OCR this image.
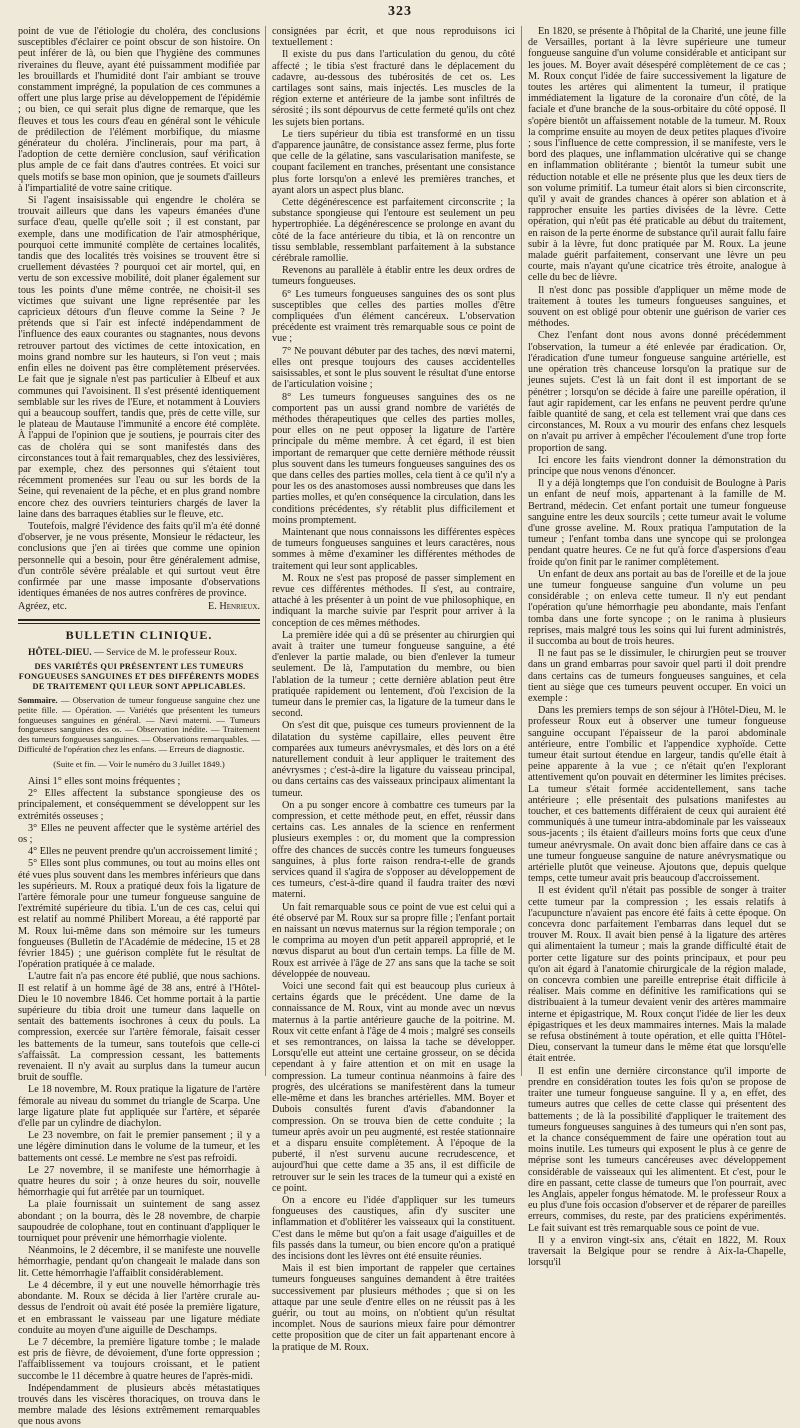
323

point de vue de l'étiologie du choléra, des conclusions susceptibles d'éclairer ce point obscur de son histoire. On peut inférer de là, ou bien que l'hygiène des communes riveraines du fleuve, ayant été puissamment modifiée par les brouillards et l'humidité dont l'air ambiant se trouve constamment imprégné, la population de ces communes a offert une plus large prise au développement de l'épidémie ; ou bien, ce qui serait plus digne de remarque, que les fleuves et tous les cours d'eau en général sont le véhicule de prédilection de l'élément morbifique, du miasme générateur du choléra. J'inclinerais, pour ma part, à l'adoption de cette dernière conclusion, sauf vérification plus ample de ce fait dans d'autres contrées. Et voici sur quels motifs se base mon opinion, que je soumets d'ailleurs à l'impartialité de votre saine critique.

Si l'agent insaisissable qui engendre le choléra se trouvait ailleurs que dans les vapeurs émanées d'une surface d'eau, quelle qu'elle soit ; il est constant, par exemple, dans une modification de l'air atmosphérique, pourquoi cette immunité complète de certaines localités, tandis que des localités très voisines se trouvent être si cruellement dévastées ? pourquoi cet air mortel, qui, en vertu de son excessive mobilité, doit planer également sur tous les points d'une même contrée, ne choisit-il ses victimes que suivant une ligne représentée par les capricieux détours d'un fleuve comme la Seine ? Je prétends que si l'air est infecté indépendamment de l'influence des eaux courantes ou stagnantes, nous devons retrouver partout des victimes de cette intoxication, en moins grand nombre sur les hauteurs, si l'on veut ; mais enfin elles ne doivent pas être complètement préservées. Le fait que je signale n'est pas particulier à Elbeuf et aux communes qui l'avoisinent. Il s'est présenté identiquement semblable sur les rives de l'Eure, et notamment à Louviers qui a beaucoup souffert, tandis que, près de cette ville, sur le plateau de Mautause l'immunité a encore été complète. À l'appui de l'opinion que je soutiens, je pourrais citer des cas de choléra qui se sont manifestés dans des circonstances tout à fait remarquables, chez des lessivières, par exemple, chez des personnes qui s'étaient tout récemment promenées sur l'eau ou sur les bords de la Seine, qui revenaient de la pêche, et en plus grand nombre encore chez des ouvriers teinturiers chargés de laver la laine dans des barraques établies sur le fleuve, etc.

Toutefois, malgré l'évidence des faits qu'il m'a été donné d'observer, je ne vous présente, Monsieur le rédacteur, les conclusions que j'en ai tirées que comme une opinion personnelle qui a besoin, pour être généralement admise, d'un contrôle sévère préalable et qui surtout veut être confirmée par une masse imposante d'observations identiques émanées de nos autres confrères de province.

Agréez, etc.	E. Henrieux.
BULLETIN CLINIQUE.
HÔTEL-DIEU. — Service de M. le professeur Roux.
DES VARIÉTÉS QUI PRÉSENTENT LES TUMEURS FONGUEUSES SANGUINES ET DES DIFFÉRENTS MODES DE TRAITEMENT QUI LEUR SONT APPLICABLES.
Sommaire. — Observation de tumeur fongueuse sanguine chez une petite fille. — Opération. — Variétés que présentent les tumeurs fongueuses sanguines en général. — Nævi materni. — Tumeurs fongueuses sanguines des os. — Observation inédite. — Traitement des tumeurs fongueuses sanguines. — Observations remarquables. — Difficulté de l'opération chez les enfans. — Erreurs de diagnostic.
(Suite et fin. — Voir le numéro du 3 Juillet 1849.)

Ainsi 1° elles sont moins fréquentes ;

2° Elles affectent la substance spongieuse des os principalement, et conséquemment se développent sur les extrémités osseuses ;

3° Elles ne peuvent affecter que le système artériel des os ;

4° Elles ne peuvent prendre qu'un accroissement limité ;

5° Elles sont plus communes, ou tout au moins elles ont été vues plus souvent dans les membres inférieurs que dans les supérieurs. M. Roux a pratiqué deux fois la ligature de l'artère fémorale pour une tumeur fongueuse sanguine de l'extrémité supérieure du tibia. L'un de ces cas, celui qui est relatif au nommé Philibert Moreau, a été rapporté par M. Roux lui-même dans son mémoire sur les tumeurs fongueuses (Bulletin de l'Académie de médecine, 15 et 28 février 1845) ; une guérison complète fut le résultat de l'opération pratiquée à ce malade.

L'autre fait n'a pas encore été publié, que nous sachions. Il est relatif à un homme âgé de 38 ans, entré à l'Hôtel-Dieu le 10 novembre 1846. Cet homme portait à la partie supérieure du tibia droit une tumeur dans laquelle on sentait des battements isochrones à ceux du pouls. La compression, exercée sur l'artère fémorale, faisait cesser les battements de la tumeur, sans toutefois que celle-ci s'affaissât. La compression cessant, les battements revenaient. Il n'y avait au surplus dans la tumeur aucun bruit de souffle.

Le 18 novembre, M. Roux pratique la ligature de l'artère fémorale au niveau du sommet du triangle de Scarpa. Une large ligature plate fut appliquée sur l'artère, et séparée d'elle par un cylindre de diachylon.

Le 23 novembre, on fait le premier pansement ; il y a une légère diminution dans le volume de la tumeur, et les battements ont cessé. Le membre ne s'est pas refroidi.

Le 27 novembre, il se manifeste une hémorrhagie à quatre heures du soir ; à onze heures du soir, nouvelle hémorrhagie qui fut arrêtée par un tourniquet.

La plaie fournissait un suintement de sang assez abondant ; on la bourra, dès le 28 novembre, de charpie saupoudrée de colophane, tout en continuant d'appliquer le tourniquet pour prévenir une hémorrhagie violente.

Néanmoins, le 2 décembre, il se manifeste une nouvelle hémorrhagie, pendant qu'on changeait le malade dans son lit. Cette hémorrhagie l'affaiblit considérablement.

Le 4 décembre, il y eut une nouvelle hémorrhagie très abondante. M. Roux se décida à lier l'artère crurale au-dessus de l'endroit où avait été posée la première ligature, et en embrassant le vaisseau par une ligature médiate conduite au moyen d'une aiguille de Deschamps.

Le 7 décembre, la première ligature tombe ; le malade est pris de fièvre, de dévoiement, d'une forte oppression ; l'affaiblissement va toujours croissant, et le patient succombe le 11 décembre à quatre heures de l'après-midi.

Indépendamment de plusieurs abcès métastatiques trouvés dans les viscères thoraciques, on trouva dans le membre malade des lésions extrêmement remarquables que nous avons

consignées par écrit, et que nous reproduisons ici textuellement :

Il existe du pus dans l'articulation du genou, du côté affecté ; le tibia s'est fracturé dans le déplacement du cadavre, au-dessous des tubérosités de cet os. Les cartilages sont sains, mais injectés. Les muscles de la région externe et antérieure de la jambe sont infiltrés de sérosité ; ils sont dépourvus de cette fermeté qu'ils ont chez les sujets bien portans.

Le tiers supérieur du tibia est transformé en un tissu d'apparence jaunâtre, de consistance assez ferme, plus forte que celle de la gélatine, sans vascularisation manifeste, se coupant facilement en tranches, présentant une consistance plus forte lorsqu'on a enlevé les premières tranches, et ayant alors un aspect plus blanc.

Cette dégénérescence est parfaitement circonscrite ; la substance spongieuse qui l'entoure est seulement un peu hypertrophiée. La dégénérescence se prolonge en avant du côté de la face antérieure du tibia, et là on rencontre un tissu semblable, ressemblant parfaitement à la substance cérébrale ramollie.

Revenons au parallèle à établir entre les deux ordres de tumeurs fongueuses.

6° Les tumeurs fongueuses sanguines des os sont plus susceptibles que celles des parties molles d'être compliquées d'un élément cancéreux. L'observation précédente est vraiment très remarquable sous ce point de vue ;

7° Ne pouvant débuter par des taches, des nœvi materni, elles ont presque toujours des causes accidentelles saisissables, et sont le plus souvent le résultat d'une entorse de l'articulation voisine ;

8° Les tumeurs fongueuses sanguines des os ne comportent pas un aussi grand nombre de variétés de méthodes thérapeutiques que celles des parties molles, pour elles on ne peut opposer la ligature de l'artère principale du même membre. À cet égard, il est bien important de remarquer que cette dernière méthode réussit plus souvent dans les tumeurs fongueuses sanguines des os que dans celles des parties molles, cela tient à ce qu'il n'y a pour les os des anastomoses aussi nombreuses que dans les parties molles, et qu'en conséquence la circulation, dans les conditions précédentes, s'y rétablit plus difficilement et moins promptement.

Maintenant que nous connaissons les différentes espèces de tumeurs fongueuses sanguines et leurs caractères, nous sommes à même d'examiner les différentes méthodes de traitement qui leur sont applicables.

M. Roux ne s'est pas proposé de passer simplement en revue ces différentes méthodes. Il s'est, au contraire, attaché à les présenter à un point de vue philosophique, en indiquant la marche suivie par l'esprit pour arriver à la conception de ces mêmes méthodes.

La première idée qui a dû se présenter au chirurgien qui avait à traiter une tumeur fongueuse sanguine, a été d'enlever la partie malade, ou bien d'enlever la tumeur seulement. De là, l'amputation du membre, ou bien l'ablation de la tumeur ; cette dernière ablation peut être pratiquée rapidement ou lentement, d'où l'excision de la tumeur dans le premier cas, la ligature de la tumeur dans le second.

On s'est dit que, puisque ces tumeurs proviennent de la dilatation du système capillaire, elles peuvent être comparées aux tumeurs anévrysmales, et dès lors on a été naturellement conduit à leur appliquer le traitement des anévrysmes ; c'est-à-dire la ligature du vaisseau principal, ou dans certains cas des vaisseaux principaux alimentant la tumeur.

On a pu songer encore à combattre ces tumeurs par la compression, et cette méthode peut, en effet, réussir dans certains cas. Les annales de la science en renferment plusieurs exemples : or, du moment que la compression offre des chances de succès contre les tumeurs fongueuses sanguines, à plus forte raison rendra-t-elle de grands services quand il s'agira de s'opposer au développement de ces tumeurs, c'est-à-dire quand il faudra traiter des nœvi materni.

Un fait remarquable sous ce point de vue est celui qui a été observé par M. Roux sur sa propre fille ; l'enfant portait en naissant un nœvus maternus sur la région temporale ; on le comprima au moyen d'un petit appareil approprié, et le nœvus disparut au bout d'un certain temps. La fille de M. Roux est arrivée à l'âge de 27 ans sans que la tache se soit développée de nouveau.

Voici une second fait qui est beaucoup plus curieux à certains égards que le précédent. Une dame de la connaissance de M. Roux, vint au monde avec un nœvus maternus à la partie antérieure gauche de la poitrine. M. Roux vit cette enfant à l'âge de 4 mois ; malgré ses conseils et ses remontrances, on laissa la tache se développer. Lorsqu'elle eut atteint une certaine grosseur, on se décida cependant à y faire attention et on mit en usage la compression. La tumeur continua néanmoins à faire des progrès, des ulcérations se manifestèrent dans la tumeur elle-même et dans les branches artérielles. MM. Boyer et Dubois consultés furent d'avis d'abandonner la compression. On se trouva bien de cette conduite ; la tumeur après avoir un peu augmenté, est restée stationnaire et a disparu ensuite complètement. À l'époque de la puberté, il n'est survenu aucune recrudescence, et aujourd'hui que cette dame a 35 ans, il est difficile de retrouver sur le sein les traces de la tumeur qui a existé en ce point.

On a encore eu l'idée d'appliquer sur les tumeurs fongueuses des caustiques, afin d'y susciter une inflammation et d'oblitérer les vaisseaux qui la constituent. C'est dans le même but qu'on a fait usage d'aiguilles et de fils passés dans la tumeur, ou bien encore qu'on a pratiqué des incisions dont les lèvres ont été ensuite réunies.

Mais il est bien important de rappeler que certaines tumeurs fongueuses sanguines demandent à être traitées successivement par plusieurs méthodes ; que si on les attaque par une seule d'entre elles on ne réussit pas à les guérir, ou tout au moins, on n'obtient qu'un résultat incomplet. Nous de saurions mieux faire pour démontrer cette proposition que de citer un fait appartenant encore à la pratique de M. Roux.

En 1820, se présente à l'hôpital de la Charité, une jeune fille de Versailles, portant à la lèvre supérieure une tumeur fongueuse sanguine d'un volume considérable et anticipant sur les joues. M. Boyer avait désespéré complètement de ce cas ; M. Roux conçut l'idée de faire successivement la ligature de toutes les artères qui alimentent la tumeur, il pratique immédiatement la ligature de la coronaire d'un côté, de la faciale et d'une branche de la sous-orbitaire du côté opposé. Il s'opère bientôt un affaissement notable de la tumeur. M. Roux la comprime ensuite au moyen de deux petites plaques d'ivoire ; sous l'influence de cette compression, il se manifeste, vers le bord des plaques, une inflammation ulcérative qui se change en inflammation oblitérante ; bientôt la tumeur subit une réduction notable et elle ne présente plus que les deux tiers de son volume primitif. La tumeur était alors si bien circonscrite, qu'il y avait de grandes chances à opérer son ablation et à rapprocher ensuite les parties divisées de la lèvre. Cette opération, qui n'eût pas été praticable au début du traitement, en raison de la perte énorme de substance qu'il aurait fallu faire subir à la lèvre, fut donc pratiquée par M. Roux. La jeune malade guérit parfaitement, conservant une lèvre un peu courte, mais n'ayant qu'une cicatrice très étroite, analogue à celle du bec de lièvre.

Il n'est donc pas possible d'appliquer un même mode de traitement à toutes les tumeurs fongueuses sanguines, et souvent on est obligé pour obtenir une guérison de varier ces méthodes.

Chez l'enfant dont nous avons donné précédemment l'observation, la tumeur a été enlevée par éradication. Or, l'éradication d'une tumeur fongueuse sanguine artérielle, est une opération très chanceuse lorsqu'on la pratique sur de jeunes sujets. C'est là un fait dont il est important de se pénétrer ; lorsqu'on se décide à faire une pareille opération, il faut agir rapidement, car les enfans ne peuvent perdre qu'une faible quantité de sang, et cela est tellement vrai que dans ces circonstances, M. Roux a vu mourir des enfans chez lesquels on n'avait pu arriver à empêcher l'écoulement d'une trop forte proportion de sang.

Ici encore les faits viendront donner la démonstration du principe que nous venons d'énoncer.

Il y a déjà longtemps que l'on conduisit de Boulogne à Paris un enfant de neuf mois, appartenant à la famille de M. Bertrand, médecin. Cet enfant portait une tumeur fongueuse sanguine entre les deux sourcils ; cette tumeur avait le volume d'une grosse aveline. M. Roux pratiqua l'amputation de la tumeur ; l'enfant tomba dans une syncope qui se prolongea pendant quatre heures. Ce ne fut qu'à force d'aspersions d'eau froide qu'on finit par le ranimer complètement.

Un enfant de deux ans portait au bas de l'oreille et de la joue une tumeur fongueuse sanguine d'un volume un peu considérable ; on enleva cette tumeur. Il n'y eut pendant l'opération qu'une hémorrhagie peu abondante, mais l'enfant tomba dans une forte syncope ; on le ranima à plusieurs reprises, mais malgré tous les soins qui lui furent administrés, il succomba au bout de trois heures.

Il ne faut pas se le dissimuler, le chirurgien peut se trouver dans un grand embarras pour savoir quel parti il doit prendre dans certains cas de tumeurs fongueuses sanguines, et cela tient au siège que ces tumeurs peuvent occuper. En voici un exemple :

Dans les premiers temps de son séjour à l'Hôtel-Dieu, M. le professeur Roux eut à observer une tumeur fongueuse sanguine occupant l'épaisseur de la paroi abdominale antérieure, entre l'ombilic et l'appendice xyphoïde. Cette tumeur était surtout étendue en largeur, tandis qu'elle était à peine apparente à la vue ; ce n'était qu'en l'explorant attentivement qu'on pouvait en déterminer les limites précises. La tumeur s'était formée accidentellement, sans tache antérieure ; elle présentait des pulsations manifestes au toucher, et ces battements différaient de ceux qui auraient été communiqués à une tumeur intra-abdominale par les vaisseaux sous-jacents ; ils étaient d'ailleurs moins forts que ceux d'une tumeur anévrysmale. On avait donc bien affaire dans ce cas à une tumeur fongueuse sanguine de nature anévrysmatique ou artérielle plutôt que veineuse. Ajoutons que, depuis quelque temps, cette tumeur avait pris beaucoup d'accroissement.

Il est évident qu'il n'était pas possible de songer à traiter cette tumeur par la compression ; les essais relatifs à l'acupuncture n'avaient pas encore été faits à cette époque. On concevra donc parfaitement l'embarras dans lequel dut se trouver M. Roux. Il avait bien pensé à la ligature des artères qui alimentaient la tumeur ; mais la grande difficulté était de porter cette ligature sur des points principaux, et pour peu qu'on ait égard à l'anatomie chirurgicale de la région malade, on concevra combien une pareille entreprise était difficile à réaliser. Mais comme en définitive les ramifications qui se distribuaient à la tumeur devaient venir des artères mammaire interne et épigastrique, M. Roux conçut l'idée de lier les deux épigastriques et les deux mammaires internes. Mais la malade se refusa obstinément à toute opération, et elle quitta l'Hôtel-Dieu, conservant la tumeur dans le même état que lorsqu'elle était entrée.

Il est enfin une dernière circonstance qu'il importe de prendre en considération toutes les fois qu'on se propose de traiter une tumeur fongueuse sanguine. Il y a, en effet, des tumeurs autres que celles de cette classe qui présentent des battements ; de là la possibilité d'appliquer le traitement des tumeurs fongueuses sanguines à des tumeurs qui n'en sont pas, et la chance conséquemment de faire une opération tout au moins inutile. Les tumeurs qui exposent le plus à ce genre de méprise sont les tumeurs cancéreuses avec développement considérable de vaisseaux qui les alimentent. Et c'est, pour le dire en passant, cette classe de tumeurs que l'on pourrait, avec les Anglais, appeler fongus hématode. M. le professeur Roux a eu plus d'une fois occasion d'observer et de réparer de pareilles erreurs, commises, du reste, par des praticiens expérimentés. Le fait suivant est très remarquable sous ce point de vue.

Il y a environ vingt-six ans, c'était en 1822, M. Roux traversait la Belgique pour se rendre à Aix-la-Chapelle, lorsqu'il
